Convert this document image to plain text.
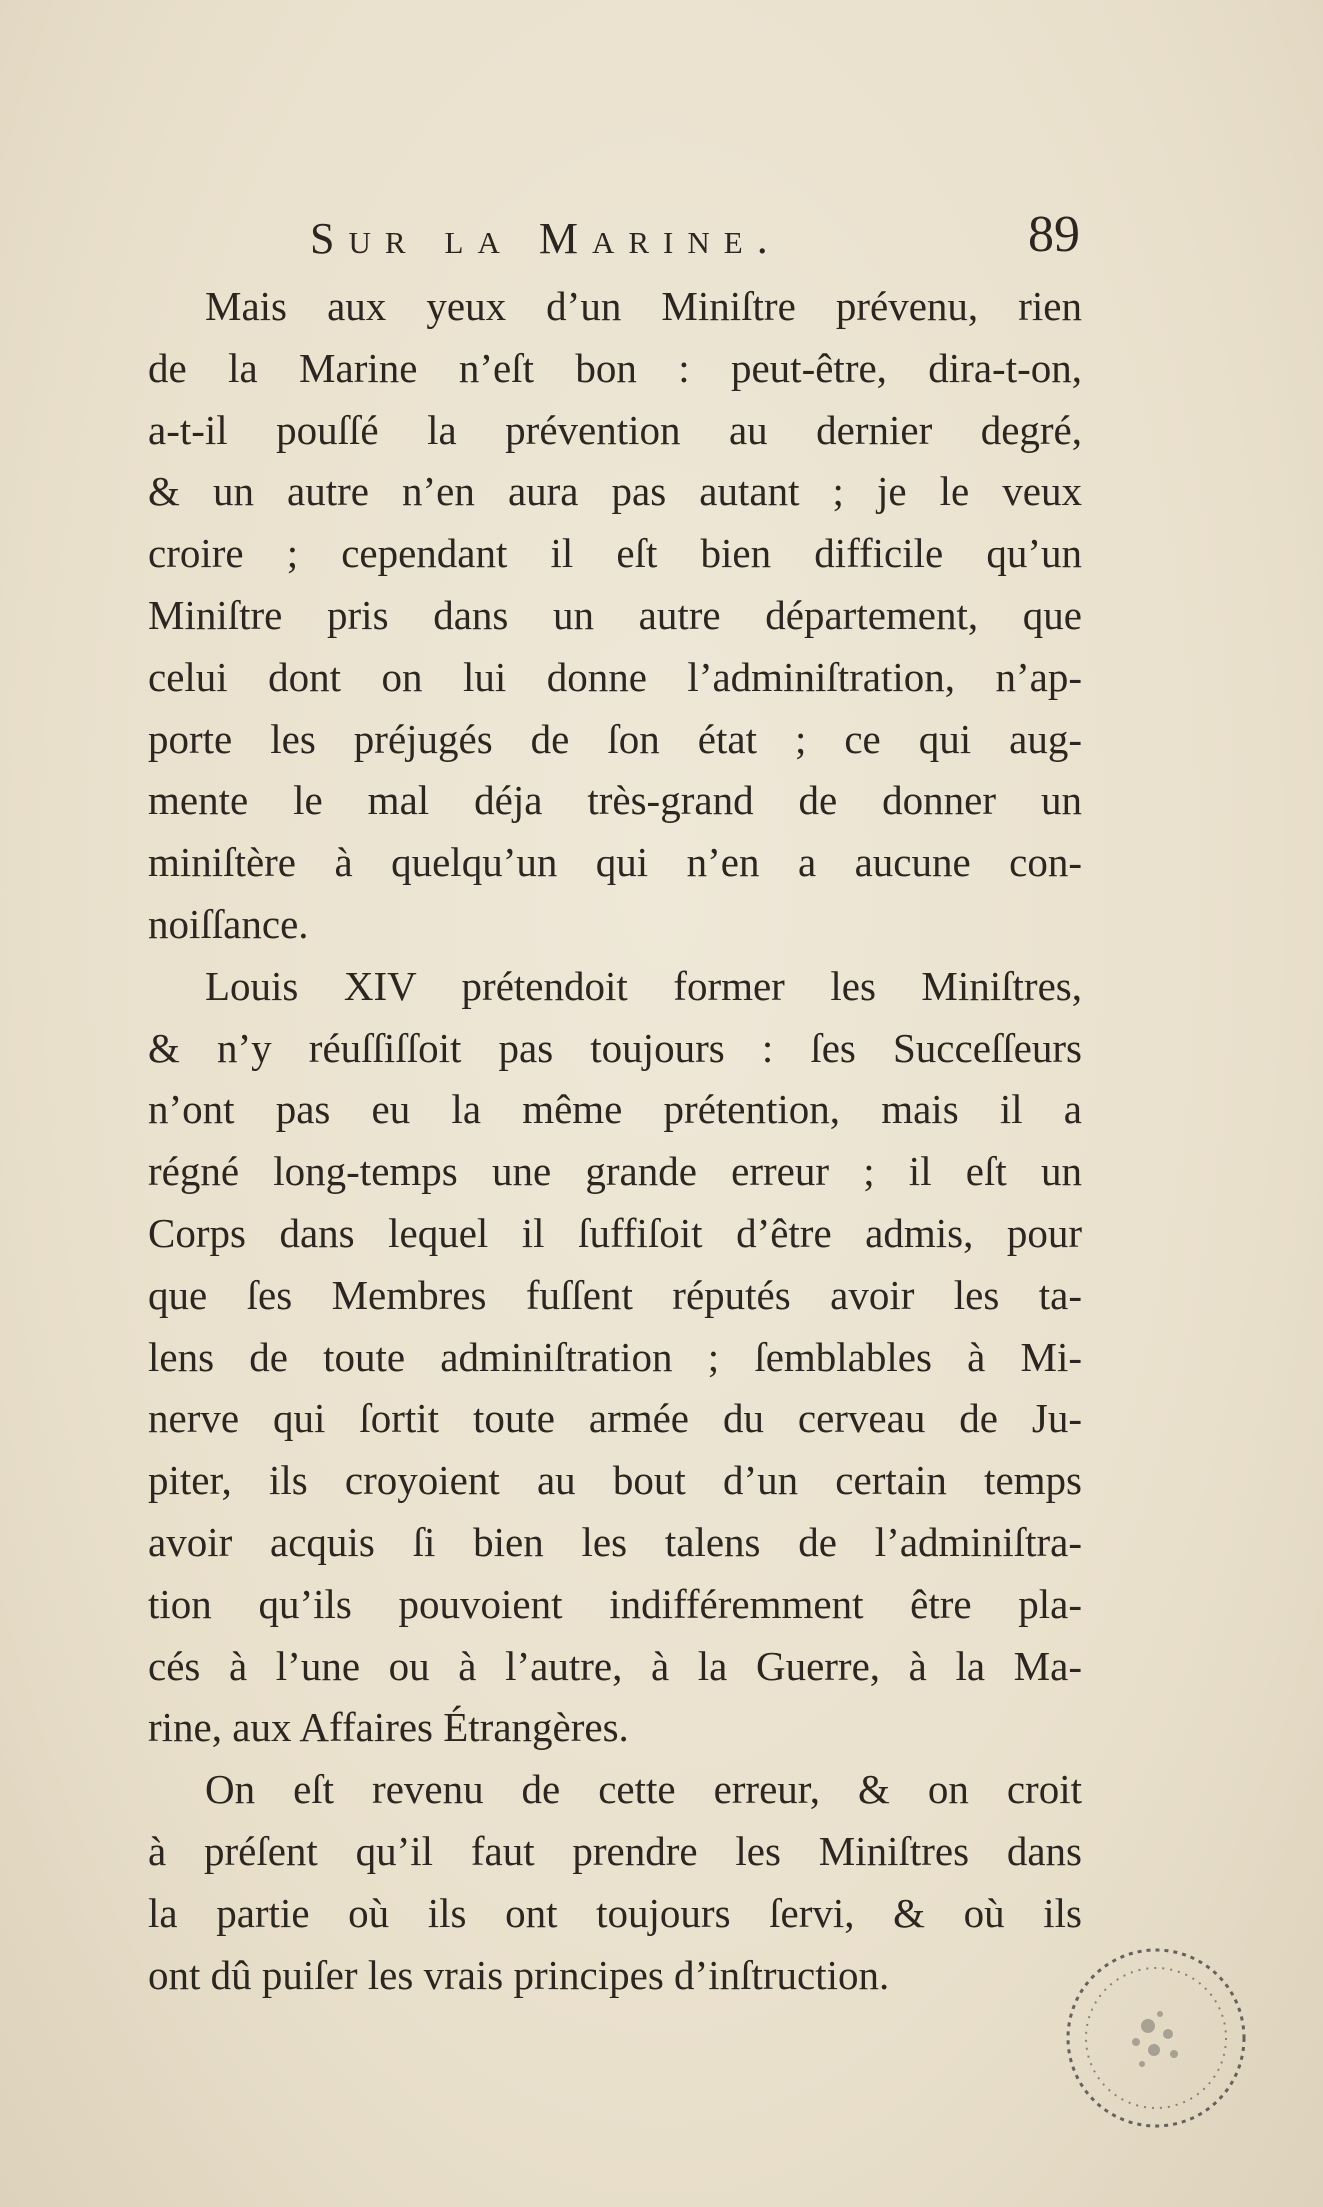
Sur la Marine.	89
Mais aux yeux d’un Miniſtre prévenu, rien
de la Marine n’eſt bon : peut-être, dira-t-on,
a-t-il pouſſé la prévention au dernier degré,
& un autre n’en aura pas autant ; je le veux
croire ; cependant il eſt bien difficile qu’un
Miniſtre pris dans un autre département, que
celui dont on lui donne l’adminiſtration, n’ap-
porte les préjugés de ſon état ; ce qui aug-
mente le mal déja très-grand de donner un
miniſtère à quelqu’un qui n’en a aucune con-
noiſſance.
Louis XIV prétendoit former les Miniſtres,
& n’y réuſſiſſoit pas toujours : ſes Succeſſeurs
n’ont pas eu la même prétention, mais il a
régné long-temps une grande erreur ; il eſt un
Corps dans lequel il ſuffiſoit d’être admis, pour
que ſes Membres fuſſent réputés avoir les ta-
lens de toute adminiſtration ; ſemblables à Mi-
nerve qui ſortit toute armée du cerveau de Ju-
piter, ils croyoient au bout d’un certain temps
avoir acquis ſi bien les talens de l’adminiſtra-
tion qu’ils pouvoient indifféremment être pla-
cés à l’une ou à l’autre, à la Guerre, à la Ma-
rine, aux Affaires Étrangères.
On eſt revenu de cette erreur, & on croit
à préſent qu’il faut prendre les Miniſtres dans
la partie où ils ont toujours ſervi, & où ils
ont dû puiſer les vrais principes d’inſtruction.
